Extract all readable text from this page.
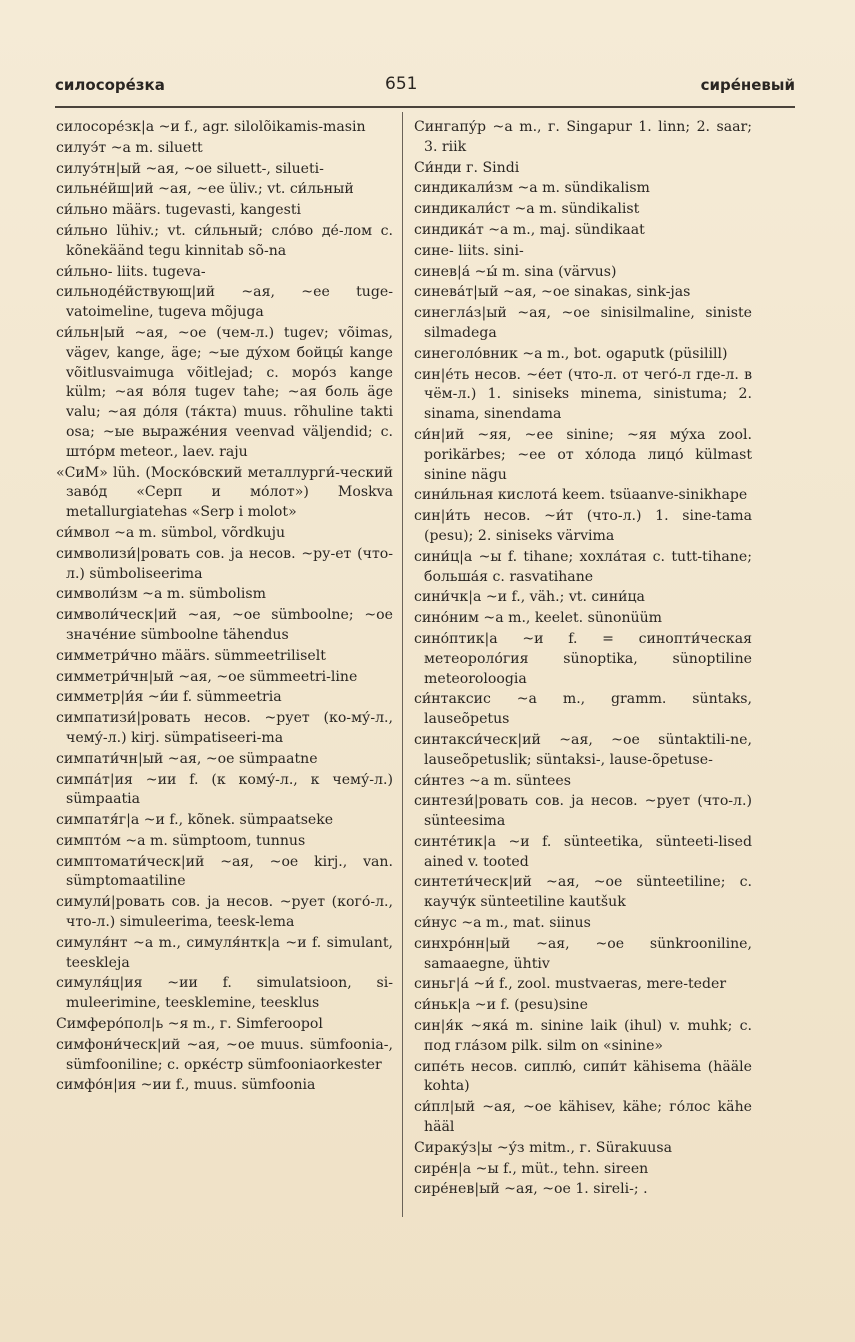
силосоре́зка	651	сире́невый

силосоре́зк|а ~и f., agr. silolõikamis-masin

силуэ́т ~а m. siluett

силуэ́тн|ый ~ая, ~ое siluett-, silueti-

сильне́йш|ий ~ая, ~ее üliv.; vt. си́льный

си́льно määrs. tugevasti, kangesti

си́льно lühiv.; vt. си́льный; сло́во де́-лом с. kõnekäänd tegu kinnitab sõ-na

си́льно- liits. tugeva-

сильноде́йствующ|ий ~ая, ~ее tuge-vatoimeline, tugeva mõjuga

си́льн|ый ~ая, ~ое (чем-л.) tugev; võimas, vägev, kange, äge; ~ые ду́хом бойцы́ kange võitlusvaimuga võitlejad; с. моро́з kange külm; ~ая во́ля tugev tahe; ~ая боль äge valu; ~ая до́ля (та́кта) muus. rõhuline takti osa; ~ые выраже́ния veenvad väljendid; с. што́рм meteor., laev. raju

«СиМ» lüh. (Моско́вский металлурги́-ческий заво́д «Серп и мо́лот») Moskva metallurgiatehas «Serp i molot»

си́мвол ~а m. sümbol, võrdkuju

символизи́|ровать сов. ja несов. ~ру-ет (что-л.) sümboliseerima

символи́зм ~а m. sümbolism

символи́ческ|ий ~ая, ~ое sümboolne; ~ое значе́ние sümboolne tähendus

симметри́чно määrs. sümmeetriliselt

симметри́чн|ый ~ая, ~ое sümmeetri-line

симметр|и́я ~и́и f. sümmeetria

симпатизи́|ровать несов. ~рует (ко-му́-л., чему́-л.) kirj. sümpatiseeri-ma

симпати́чн|ый ~ая, ~ое sümpaatne

симпа́т|ия ~ии f. (к кому́-л., к чему́-л.) sümpaatia

симпатя́г|а ~и f., kõnek. sümpaatseke

симпто́м ~а m. sümptoom, tunnus

симптомати́ческ|ий ~ая, ~ое kirj., van. sümptomaatiline

симули́|ровать сов. ja несов. ~рует (кого́-л., что-л.) simuleerima, teesk-lema

симуля́нт ~а m., симуля́нтк|а ~и f. simulant, teeskleja

симуля́ц|ия ~ии f. simulatsioon, si-muleerimine, teesklemine, teesklus

Симферо́пол|ь ~я m., г. Simferoopol

симфони́ческ|ий ~ая, ~ое muus. sümfoonia-, sümfooniline; с. орке́стр sümfooniaorkester

симфо́н|ия ~ии f., muus. sümfoonia

Сингапу́р ~а m., г. Singapur 1. linn; 2. saar; 3. riik

Си́нди г. Sindi

синдикали́зм ~а m. sündikalism

синдикали́ст ~а m. sündikalist

синдика́т ~а m., maj. sündikaat

сине- liits. sini-

синев|а́ ~ы́ m. sina (värvus)

синева́т|ый ~ая, ~ое sinakas, sink-jas

синегла́з|ый ~ая, ~ое sinisilmaline, siniste silmadega

синеголо́вник ~а m., bot. ogaputk (püsilill)

син|е́ть несов. ~е́ет (что-л. от чего́-л где-л. в чём-л.) 1. siniseks minema, sinistuma; 2. sinama, sinendama

си́н|ий ~яя, ~ее sinine; ~яя му́ха zool. porikärbes; ~ее от хо́лода лицо́ külmast sinine nägu

сини́льная кислота́ keem. tsüaanve-sinikhape

син|и́ть несов. ~и́т (что-л.) 1. sine-tama (pesu); 2. siniseks värvima

сини́ц|а ~ы f. tihane; хохла́тая с. tutt-tihane; больша́я с. rasvatihane

сини́чк|а ~и f., väh.; vt. сини́ца

сино́ним ~а m., keelet. sünonüüm

сино́птик|а ~и f. = синопти́ческая метеороло́гия sünoptika, sünoptiline meteoroloogia

си́нтаксис ~а m., gramm. süntaks, lauseõpetus

синтакси́ческ|ий ~ая, ~ое süntaktili-ne, lauseõpetuslik; süntaksi-, lause-õpetuse-

си́нтез ~а m. süntees

синтези́|ровать сов. ja несов. ~рует (что-л.) sünteesima

синте́тик|а ~и f. sünteetika, sünteeti-lised ained v. tooted

синтети́ческ|ий ~ая, ~ое sünteetiline; с. каучу́к sünteetiline kautšuk

си́нус ~а m., mat. siinus

синхро́нн|ый ~ая, ~ое sünkrooniline, samaaegne, ühtiv

синьг|а́ ~и́ f., zool. mustvaeras, mere-teder

си́ньк|а ~и f. (pesu)sine

син|я́к ~яка́ m. sinine laik (ihul) v. muhk; с. под гла́зом pilk. silm on «sinine»

сипе́ть несов. сиплю́, сипи́т kähisema (hääle kohta)

си́пл|ый ~ая, ~ое kähisev, kähe; го́лос kähe hääl

Сираку́з|ы ~у́з mitm., г. Sürakuusa

сире́н|а ~ы f., müt., tehn. sireen

сире́нев|ый ~ая, ~ое 1. sireli-; .
